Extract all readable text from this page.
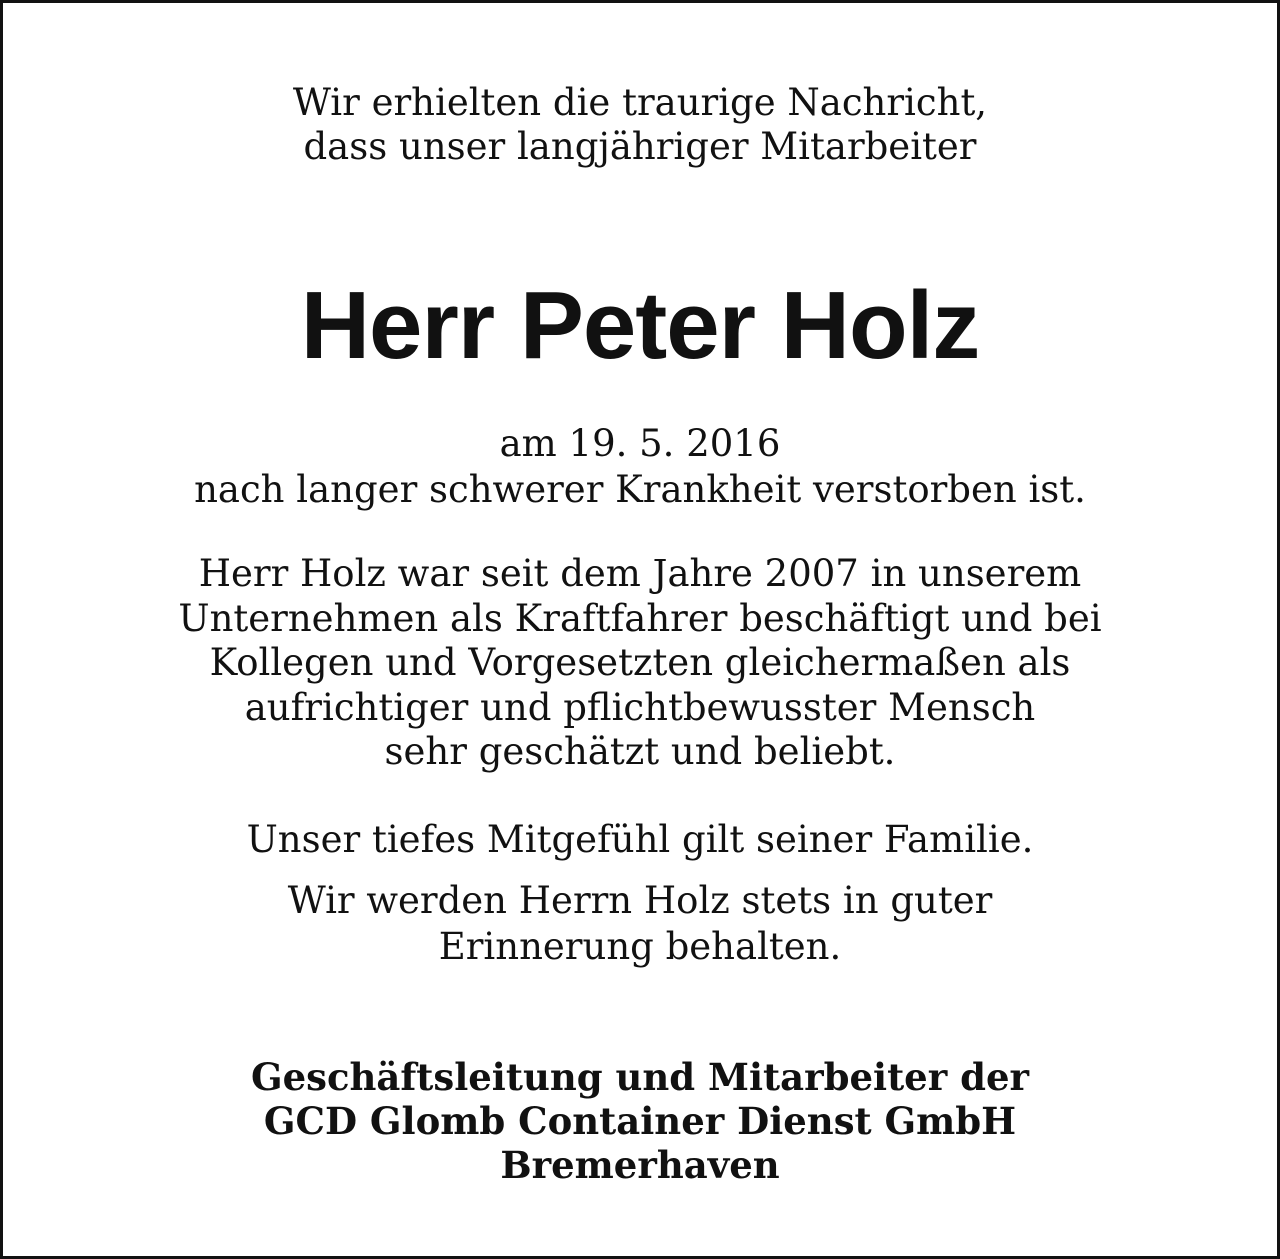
Wir erhielten die traurige Nachricht,
dass unser langjähriger Mitarbeiter

Herr Peter Holz

am 19. 5. 2016
nach langer schwerer Krankheit verstorben ist.

Herr Holz war seit dem Jahre 2007 in unserem
Unternehmen als Kraftfahrer beschäftigt und bei
Kollegen und Vorgesetzten gleichermaßen als
aufrichtiger und pflichtbewusster Mensch
sehr geschätzt und beliebt.

Unser tiefes Mitgefühl gilt seiner Familie.

Wir werden Herrn Holz stets in guter
Erinnerung behalten.

Geschäftsleitung und Mitarbeiter der
GCD Glomb Container Dienst GmbH
Bremerhaven
